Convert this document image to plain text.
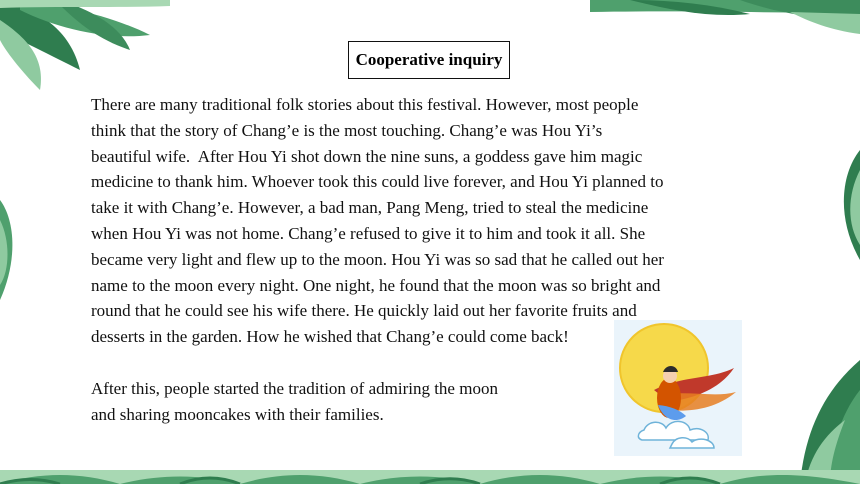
Cooperative inquiry

There are many traditional folk stories about this festival. However, most people
think that the story of Chang’e is the most touching. Chang’e was Hou Yi’s
beautiful wife.  After Hou Yi shot down the nine suns, a goddess gave him magic
medicine to thank him. Whoever took this could live forever, and Hou Yi planned to
take it with Chang’e. However, a bad man, Pang Meng, tried to steal the medicine
when Hou Yi was not home. Chang’e refused to give it to him and took it all. She
became very light and flew up to the moon. Hou Yi was so sad that he called out her
name to the moon every night. One night, he found that the moon was so bright and
round that he could see his wife there. He quickly laid out her favorite fruits and
desserts in the garden. How he wished that Chang’e could come back!

After this, people started the tradition of admiring the moon
and sharing mooncakes with their families.
